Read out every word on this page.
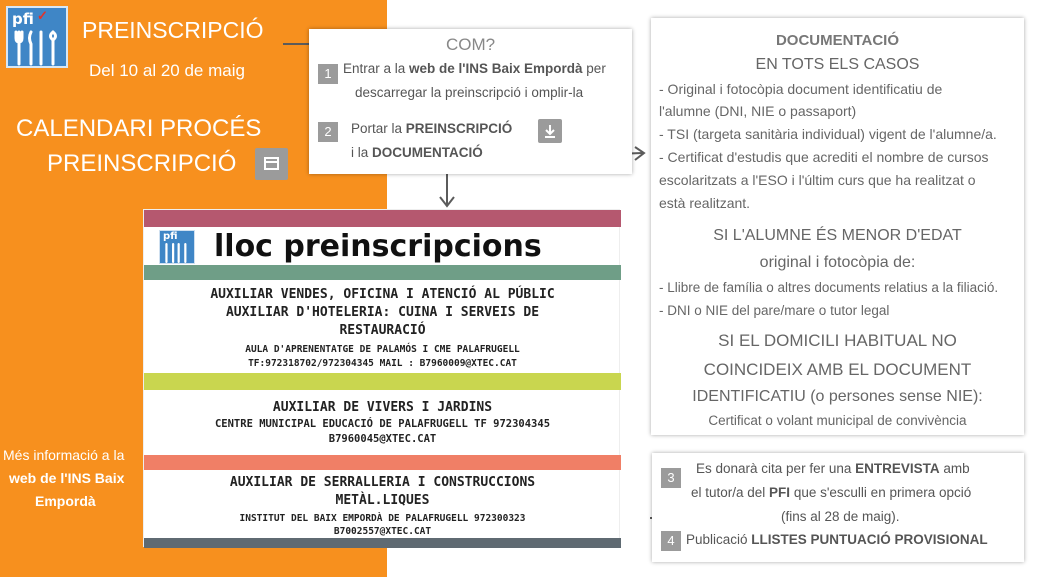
pfi ✓
PREINSCRIPCIÓ
Del 10 al 20 de maig
CALENDARI PROCÉS
PREINSCRIPCIÓ
Més informació a la
web de l'INS Baix
Empordà
COM?
1 Entrar a la web de l'INS Baix Empordà per
descarregar la preinscripció i omplir-la
2	Portar la PREINSCRIPCIÓ
i la DOCUMENTACIÓ
DOCUMENTACIÓ
EN TOTS ELS CASOS
- Original i fotocòpia document identificatiu de
l'alumne (DNI, NIE o passaport)
- TSI (targeta sanitària individual) vigent de l'alumne/a.
- Certificat d'estudis que acrediti el nombre de cursos
escolaritzats a l'ESO i l'últim curs que ha realitzat o
està realitzant.
SI L'ALUMNE ÉS MENOR D'EDAT
original i fotocòpia de:
- Llibre de família o altres documents relatius a la filiació.
- DNI o NIE del pare/mare o tutor legal
SI EL DOMICILI HABITUAL NO
COINCIDEIX AMB EL DOCUMENT
IDENTIFICATIU (o persones sense NIE):
Certificat o volant municipal de convivència
pfi lloc preinscripcions
AUXILIAR VENDES, OFICINA I ATENCIÓ AL PÚBLIC
AUXILIAR D'HOTELERIA: CUINA I SERVEIS DE
RESTAURACIÓ
AULA D'APRENENTATGE DE PALAMÓS I CME PALAFRUGELL
TF:972318702/972304345 MAIL : B7960009@XTEC.CAT
AUXILIAR DE VIVERS I JARDINS
CENTRE MUNICIPAL EDUCACIÓ DE PALAFRUGELL TF 972304345
B7960045@XTEC.CAT
AUXILIAR DE SERRALLERIA I CONSTRUCCIONS
METÀL.LIQUES
INSTITUT DEL BAIX EMPORDÀ DE PALAFRUGELL 972300323
B7002557@XTEC.CAT
3
Es donarà cita per fer una ENTREVISTA amb
el tutor/a del PFI que s'esculli en primera opció
(fins al 28 de maig).
4 Publicació LLISTES PUNTUACIÓ PROVISIONAL
